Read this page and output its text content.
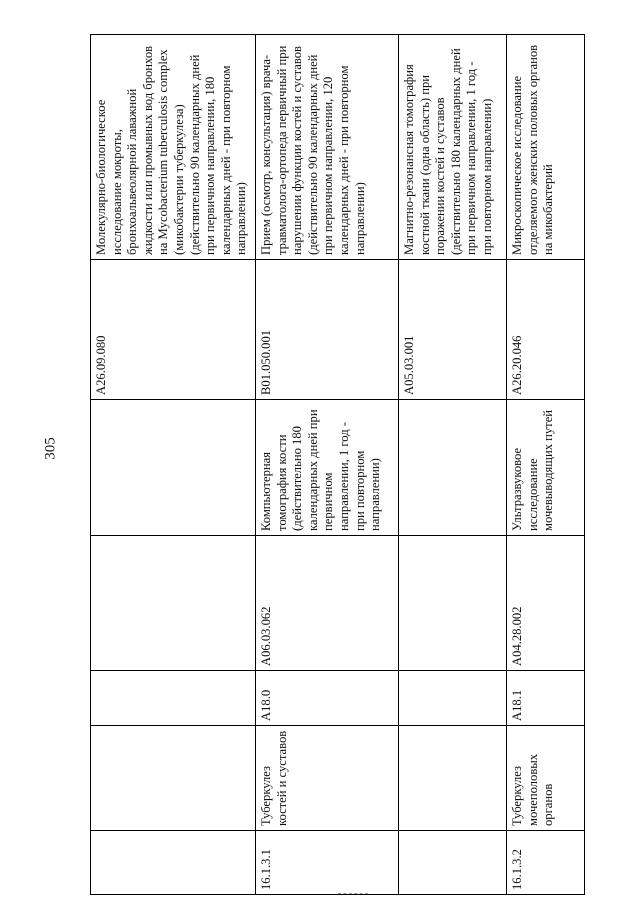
305
					A26.09.080	Молекулярно-биологическое исследование мокроты, бронхоальвеолярной лаважной жидкости или промывных вод бронхов на Mycobacterium tuberculosis complex (микобактерии туберкулеза) (действительно 90 календарных дней при первичном направлении, 180 календарных дней - при повторном направлении)
16.1.3.1	Туберкулез костей и суставов	A18.0	A06.03.062	Компьютерная томография кости (действительно 180 календарных дней при первичном направлении, 1 год - при повторном направлении)	B01.050.001	Прием (осмотр, консультация) врача-травматолога-ортопеда первичный при нарушении функции костей и суставов (действительно 90 календарных дней при первичном направлении, 120 календарных дней - при повторном направлении)
					A05.03.001	Магнитно-резонансная томография костной ткани (одна область) при поражении костей и суставов (действительно 180 календарных дней при первичном направлении, 1 год - при повторном направлении)
16.1.3.2	Туберкулез мочеполовых органов	A18.1	A04.28.002	Ультразвуковое исследование мочевыводящих путей	A26.20.046	Микроскопическое исследование отделяемого женских половых органов на микобактерий
